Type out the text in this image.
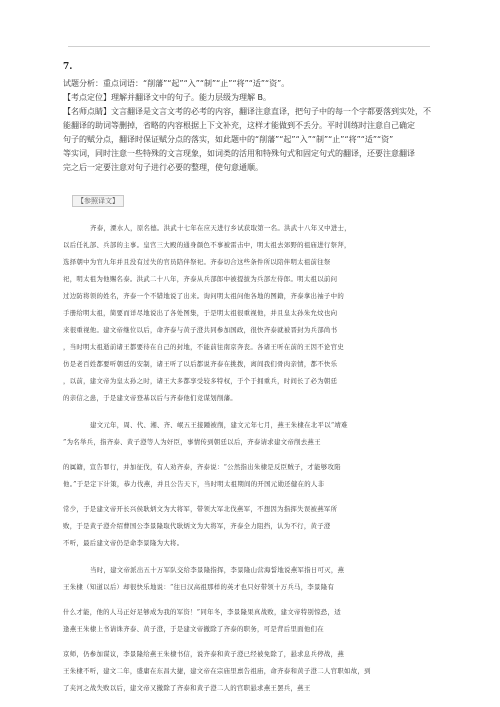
7.
试题分析：重点词语：“削藩”“起”“入”“制”“止”“将”“适”“资”。
【考点定位】理解并翻译文中的句子。能力层级为理解 B。
【名师点睛】文言翻译是文言文考的必考的内容，翻译注意直译，把句子中的每一个字都要落到实处，不
能翻译的助词等删掉，省略的内容根据上下文补充，这样才能做到不丢分。平时训练时注意自己确定
句子的赋分点，翻译时保证赋分点的落实，如此题中的“削藩”“起”“入”“制”“止”“将”“适”“资”
等实词，同时注意一些特殊的文言现象，如词类的活用和特殊句式和固定句式的翻译，还要注意翻译
完之后一定要注意对句子进行必要的整理，使句意通顺。
【参照译文】
齐泰，溧水人，原名德。洪武十七年在应天进行乡试获取第一名。洪武十八年又中进士，
以后任礼部、兵部的主事。皇宫三大殿的通身颜色不事被雷击中，明太祖去郊野的祖庙进行祭拜，
选择朝中为官九年并且没有过失的官员陪伴祭祀。齐泰切合这些条件所以陪伴明太祖前往祭
祀，明太祖为他赐名泰。洪武二十八年，齐泰从兵部郎中被提拔为兵部左侍郎。明太祖以前问
过边防将领的姓名，齐泰一个不错地说了出来。询问明太祖问他各地的图籍，齐泰拿出袖子中的
手册给明太祖，简要而详尽地说出了各处图集，于是明太祖很重视他，并且皇太孙朱允炆也向
来很重视他。建文帝继位以后，命齐泰与黄子澄共同参加国政，很快齐泰就被晋封为兵部尚书
，当时明太祖逝前诸王都要待在自己的封地，不能前往南京奔丧。各诸王听在前的王因不论官史
仿是老百姓都要听朝廷的安制，诸王听了以后都说齐泰在挑拨，离间我们骨肉亲情，都不快乐
，以前，建文帝为皇太孙之时，诸王大多都享受较多特权，于个于拥重兵，时间长了必为朝廷
的亲信之患，于是建文帝登基以后与齐泰他们竞谋划削藩。
建文元年，周、代、湘、齐、岷五王接踵被削，建文元年七月，燕王朱棣在北平以“靖难
”为名举兵，指齐泰、黄子澄等人为奸臣，事情传到朝廷以后，齐泰请求建文帝削去燕王
的属籍，宣告罪行，并加征伐，有人劝齐泰，齐泰说：“公然指出朱棣是反臣贼子，才能够攻陷
他。”于是定下计策，恭力伐燕，并且公告天下，当时明太祖期间的开国元勋还健在的人非
常少，于是建文帝开长兴侯耿炳文为大将军，带领大军北伐燕军，不想因为指挥失误被燕军所
败，于是黄子澄介绍曹国公李景隆取代耿炳文为大将军，齐泰全力阻挡，认为不行，黄子澄
不听，最后建文帝仍是命李景隆为大将。
当时，建文帝派出五十万军队交给李景隆指挥，李景隆山营海誓地说燕军指日可灭，燕
王朱棣（知道以后）却很快乐地说：“往日汉高祖那样的英才也只好带领十万兵马，李景隆有
什么才能，他的人马正好足够成为我的军资！”同年冬，李景隆果真战败，建文帝特别惊恐，适
逢燕王朱棣上书请诛齐泰、黄子澄，于是建文帝撤除了齐泰的职务，可是背后里面他们在
京师，仍参加谋议，李景隆给燕王朱棣书信，说齐泰和黄子澄已经被免除了，悬求息兵停战，燕
王朱棣不听，建文二年，盛庸在东昌大捷，建文帝在宗庙里禀告祖庙，命齐泰和黄子澄二人官职如故，到
了夹河之战失败以后，建文帝又撤除了齐泰和黄子澄二人的官职悬求燕王罢兵，燕王
